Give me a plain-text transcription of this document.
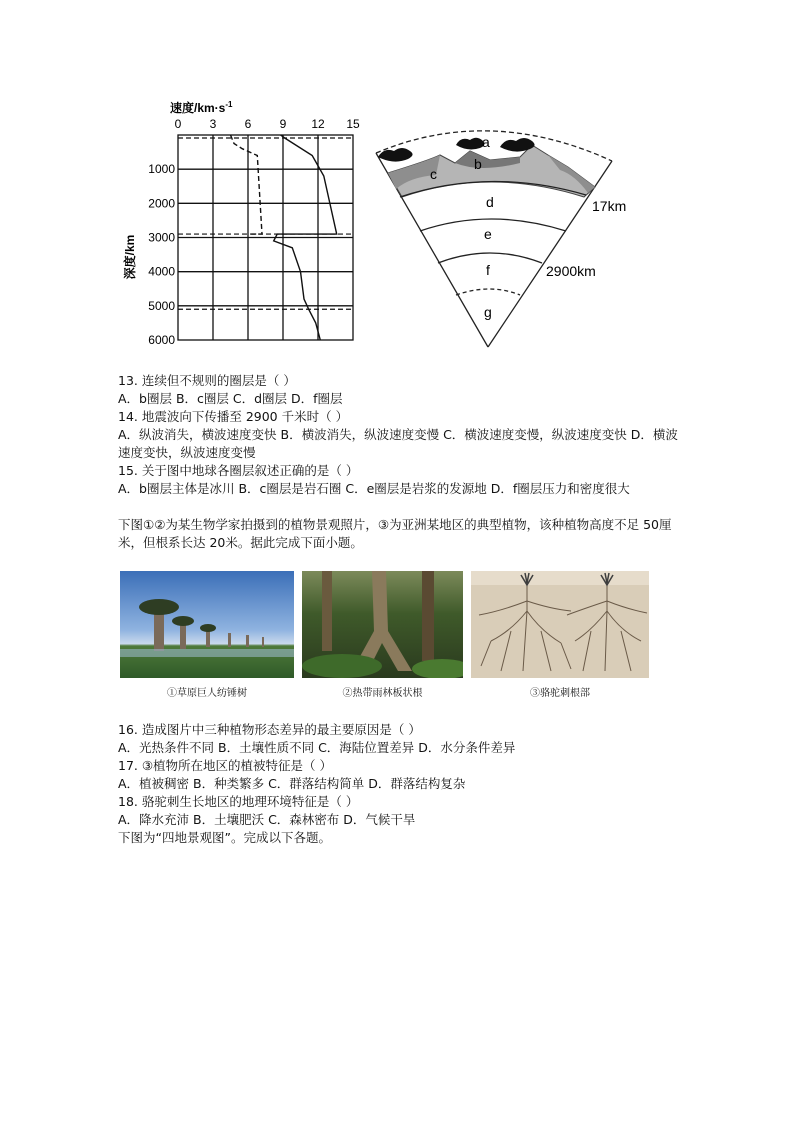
速度$/km\cdot s^{-1}$
0 3 6 9 12 15
1000
2000
3000
4000
5000
6000
深度/km
a
b
c
d
e
f
g
17km
2900km
13. 连续但不规则的圈层是（ ）
A．b圈层 B．c圈层 C．d圈层 D．f圈层
14. 地震波向下传播至 2900 千米时（ ）
A．纵波消失，横波速度变快 B．横波消失，纵波速度变慢 C．横波速度变慢，纵波速度变快 D．横波速度变快，纵波速度变慢
15. 关于图中地球各圈层叙述正确的是（ ）
A．b圈层主体是冰川 B．c圈层是岩石圈 C．e圈层是岩浆的发源地 D．f圈层压力和密度很大
下图①②为某生物学家拍摄到的植物景观照片，③为亚洲某地区的典型植物，该种植物高度不足 50厘米，但根系长达 20米。据此完成下面小题。
①草原巨人纺锤树	②热带雨林板状根	③骆驼刺根部
16. 造成图片中三种植物形态差异的最主要原因是（ ）
A．光热条件不同 B．土壤性质不同 C．海陆位置差异 D．水分条件差异
17. ③植物所在地区的植被特征是（ ）
A．植被稠密 B．种类繁多 C．群落结构简单 D．群落结构复杂
18. 骆驼刺生长地区的地理环境特征是（ ）
A．降水充沛 B．土壤肥沃 C．森林密布 D．气候干旱
下图为“四地景观图”。完成以下各题。
